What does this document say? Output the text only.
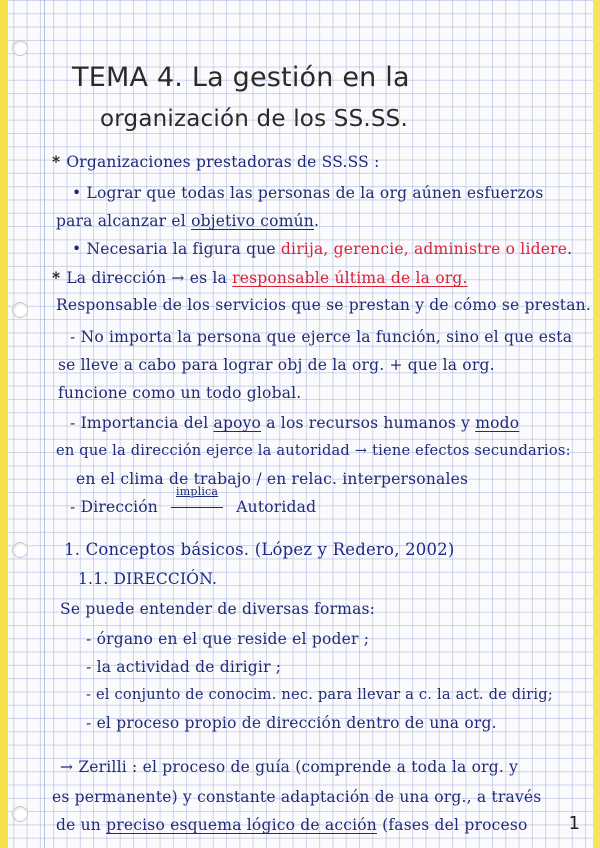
TEMA 4. La gestión en la
organización de los SS.SS.
* Organizaciones prestadoras de SS.SS :
• Lograr que todas las personas de la org aúnen esfuerzos
para alcanzar el objetivo común.
• Necesaria la figura que dirija, gerencie, administre o lidere.
* La dirección → es la responsable última de la org.
Responsable de los servicios que se prestan y de cómo se prestan.
- No importa la persona que ejerce la función, sino el que esta
se lleve a cabo para lograr obj de la org. + que la org.
funcione como un todo global.
- Importancia del apoyo a los recursos humanos y modo
en que la dirección ejerce la autoridad → tiene efectos secundarios:
en el clima de trabajo / en relac. interpersonales
- Dirección
implica
Autoridad
1. Conceptos básicos. (López y Redero, 2002)
1.1. DIRECCIÓN.
Se puede entender de diversas formas:
- órgano en el que reside el poder ;
- la actividad de dirigir ;
- el conjunto de conocim. nec. para llevar a c. la act. de dirig;
- el proceso propio de dirección dentro de una org.
→ Zerilli : el proceso de guía (comprende a toda la org. y
es permanente) y constante adaptación de una org., a través
de un preciso esquema lógico de acción (fases del proceso 1
